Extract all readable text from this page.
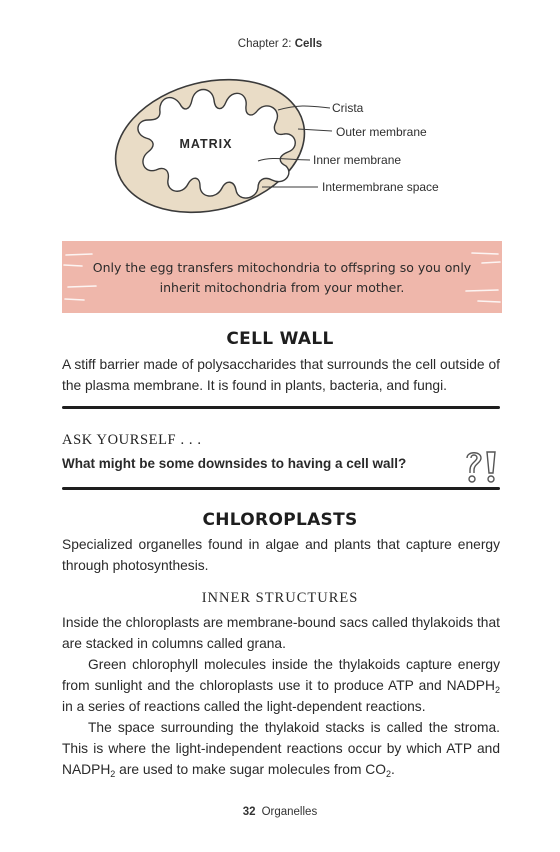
Chapter 2: Cells
MATRIX
Crista
Outer membrane
Inner membrane
Intermembrane space
Only the egg transfers mitochondria to offspring so you only
inherit mitochondria from your mother.
CELL WALL
A stiff barrier made of polysaccharides that surrounds the cell outside of the plasma membrane. It is found in plants, bacteria, and fungi.
ASK YOURSELF . . .
What might be some downsides to having a cell wall?
CHLOROPLASTS
Specialized organelles found in algae and plants that capture energy through photosynthesis.
INNER STRUCTURES
Inside the chloroplasts are membrane-bound sacs called thylakoids that are stacked in columns called grana.
Green chlorophyll molecules inside the thylakoids capture energy from sunlight and the chloroplasts use it to produce ATP and $NADPH_2$ in a series of reactions called the light-dependent reactions.
The space surrounding the thylakoid stacks is called the stroma. This is where the light-independent reactions occur by which ATP and $NADPH_2$ are used to make sugar molecules from $CO_2$.
32 Organelles
